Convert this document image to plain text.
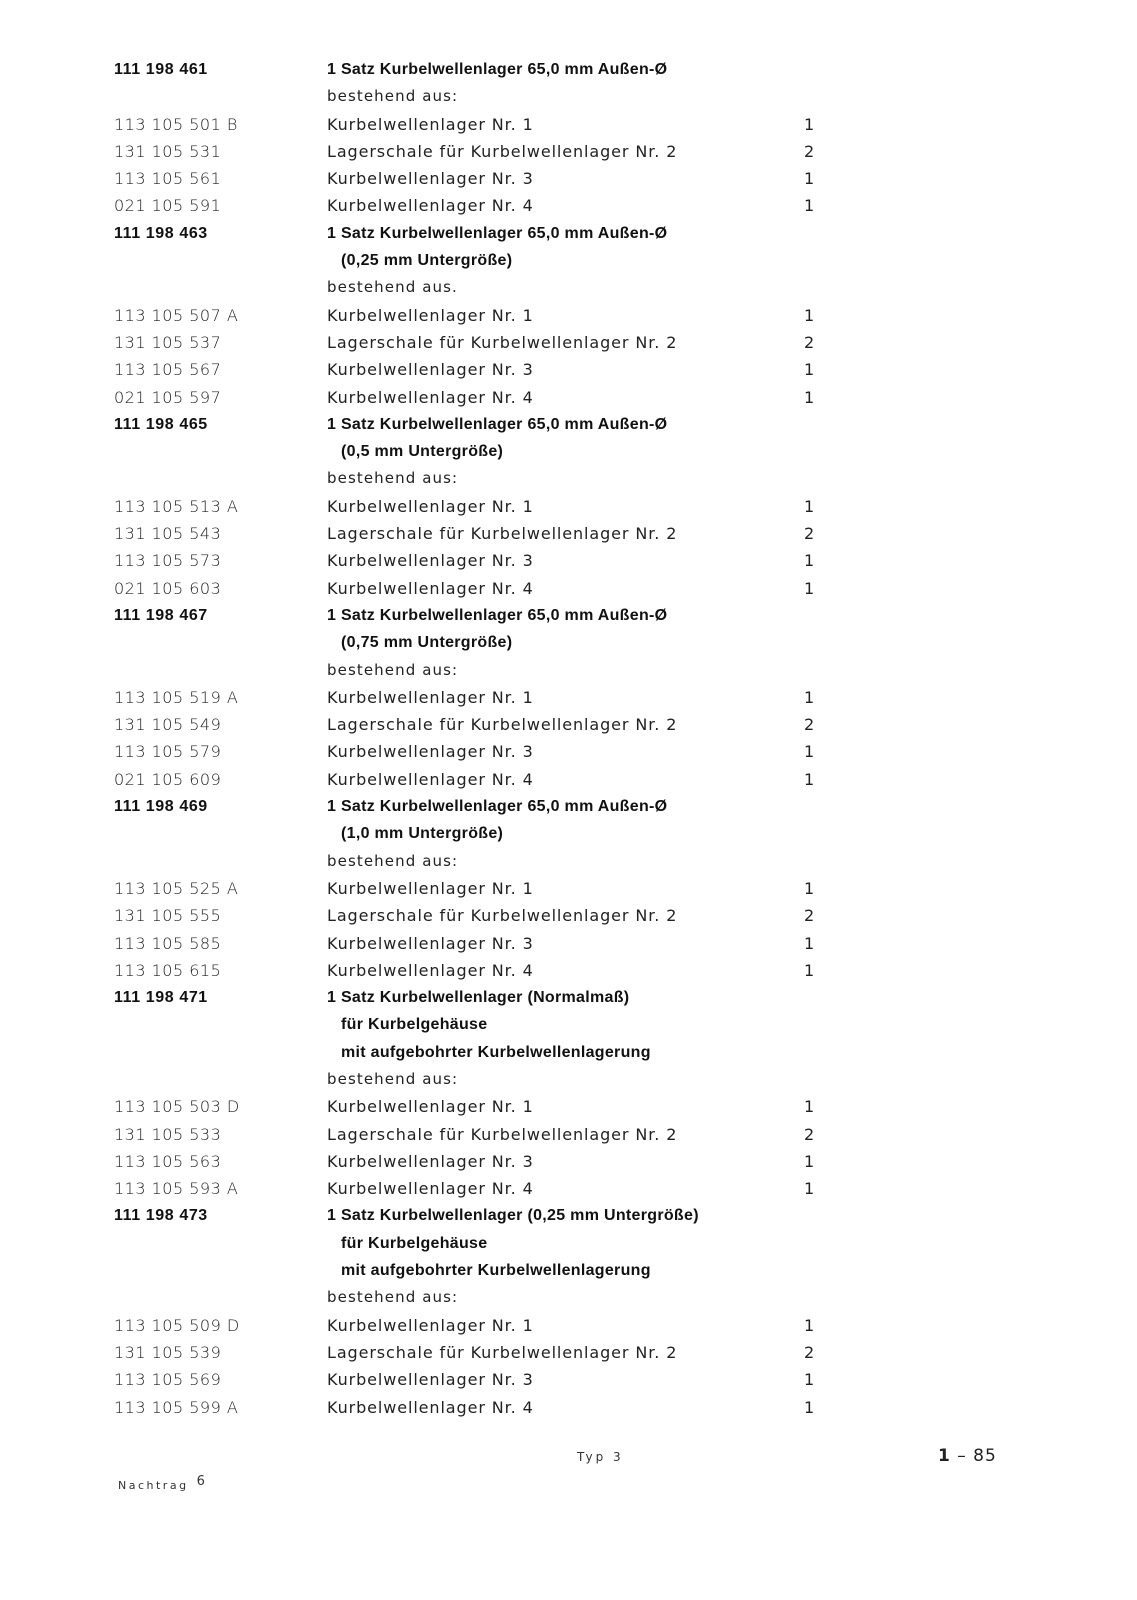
111 198 461	1 Satz Kurbelwellenlager 65,0 mm Außen-Ø
bestehend aus:
113 105 501 B	Kurbelwellenlager Nr. 1	1
131 105 531	Lagerschale für Kurbelwellenlager Nr. 2	2
113 105 561	Kurbelwellenlager Nr. 3	1
021 105 591	Kurbelwellenlager Nr. 4	1
111 198 463	1 Satz Kurbelwellenlager 65,0 mm Außen-Ø
(0,25 mm Untergröße)
bestehend aus.
113 105 507 A	Kurbelwellenlager Nr. 1	1
131 105 537	Lagerschale für Kurbelwellenlager Nr. 2	2
113 105 567	Kurbelwellenlager Nr. 3	1
021 105 597	Kurbelwellenlager Nr. 4	1
111 198 465	1 Satz Kurbelwellenlager 65,0 mm Außen-Ø
(0,5 mm Untergröße)
bestehend aus:
113 105 513 A	Kurbelwellenlager Nr. 1	1
131 105 543	Lagerschale für Kurbelwellenlager Nr. 2	2
113 105 573	Kurbelwellenlager Nr. 3	1
021 105 603	Kurbelwellenlager Nr. 4	1
111 198 467	1 Satz Kurbelwellenlager 65,0 mm Außen-Ø
(0,75 mm Untergröße)
bestehend aus:
113 105 519 A	Kurbelwellenlager Nr. 1	1
131 105 549	Lagerschale für Kurbelwellenlager Nr. 2	2
113 105 579	Kurbelwellenlager Nr. 3	1
021 105 609	Kurbelwellenlager Nr. 4	1
111 198 469	1 Satz Kurbelwellenlager 65,0 mm Außen-Ø
(1,0 mm Untergröße)
bestehend aus:
113 105 525 A	Kurbelwellenlager Nr. 1	1
131 105 555	Lagerschale für Kurbelwellenlager Nr. 2	2
113 105 585	Kurbelwellenlager Nr. 3	1
113 105 615	Kurbelwellenlager Nr. 4	1
111 198 471	1 Satz Kurbelwellenlager (Normalmaß)
für Kurbelgehäuse
mit aufgebohrter Kurbelwellenlagerung
bestehend aus:
113 105 503 D	Kurbelwellenlager Nr. 1	1
131 105 533	Lagerschale für Kurbelwellenlager Nr. 2	2
113 105 563	Kurbelwellenlager Nr. 3	1
113 105 593 A	Kurbelwellenlager Nr. 4	1
111 198 473	1 Satz Kurbelwellenlager (0,25 mm Untergröße)
für Kurbelgehäuse
mit aufgebohrter Kurbelwellenlagerung
bestehend aus:
113 105 509 D	Kurbelwellenlager Nr. 1	1
131 105 539	Lagerschale für Kurbelwellenlager Nr. 2	2
113 105 569	Kurbelwellenlager Nr. 3	1
113 105 599 A	Kurbelwellenlager Nr. 4	1
Typ 3	1 – 85
Nachtrag 6
